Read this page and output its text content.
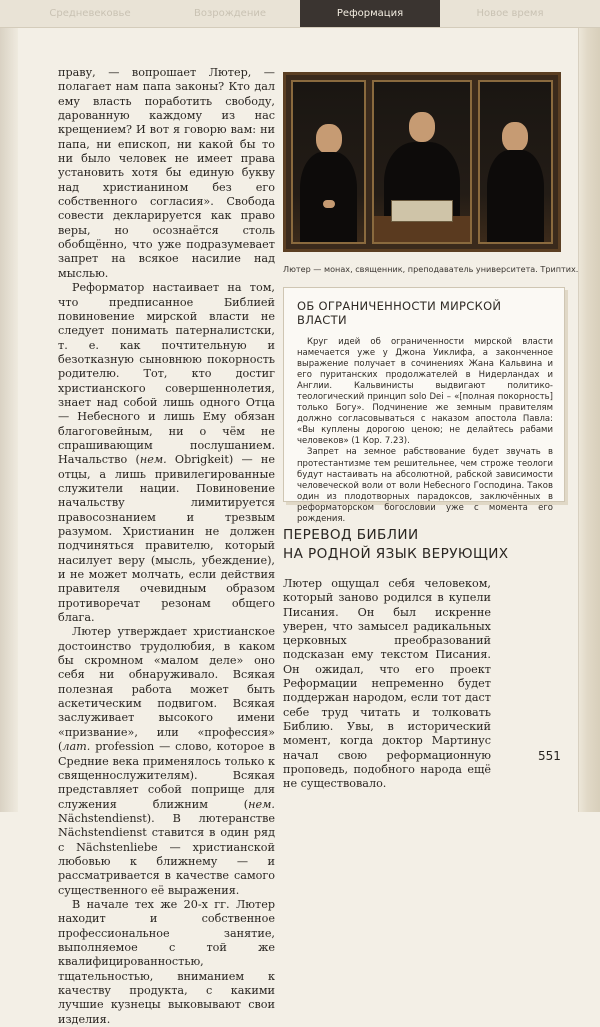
Средневековье	Возрождение	Реформация	Новое время

праву, — вопрошает Лютер, — полагает нам папа законы? Кто дал ему власть поработить свободу, дарованную каждому из нас крещением? И вот я говорю вам: ни папа, ни епископ, ни какой бы то ни было человек не имеет права установить хотя бы единую букву над христианином без его собственного согласия». Свобода совести декларируется как право веры, но осознаётся столь обобщённо, что уже подразумевает запрет на всякое насилие над мыслью.

Реформатор настаивает на том, что предписанное Библией повиновение мирской власти не следует понимать патерналистски, т. е. как почтительную и безотказную сыновнюю покорность родителю. Тот, кто достиг христианского совершеннолетия, знает над собой лишь одного Отца — Небесного и лишь Ему обязан благоговейным, ни о чём не спрашивающим послушанием. Начальство (нем. Obrigkeit) — не отцы, а лишь привилегированные служители нации. Повиновение начальству лимитируется правосознанием и трезвым разумом. Христианин не должен подчиняться правителю, который насилует веру (мысль, убеждение), и не может молчать, если действия правителя очевидным образом противоречат резонам общего блага.

Лютер утверждает христианское достоинство трудолюбия, в каком бы скромном «малом деле» оно себя ни обнаруживало. Всякая полезная работа может быть аскетическим подвигом. Всякая заслуживает высокого имени «призвание», или «профессия» (лат. profession — слово, которое в Средние века применялось только к священнослужителям). Всякая представляет собой поприще для служения ближним (нем. Nächstendienst). В лютеранстве Nächstendienst ставится в один ряд с Nächstenliebe — христианской любовью к ближнему — и рассматривается в качестве самого существенного её выражения.

В начале тех же 20-х гг. Лютер находит и собственное профессиональное занятие, выполняемое с той же квалифицированностью, тщательностью, вниманием к качеству продукта, с какими лучшие кузнецы выковывают свои изделия.

Лютер — монах, священник, преподаватель университета. Триптих.
ОБ ОГРАНИЧЕННОСТИ МИРСКОЙ ВЛАСТИ

Круг идей об ограниченности мирской власти намечается уже у Джона Уиклифа, а законченное выражение получает в сочинениях Жана Кальвина и его пуританских продолжателей в Нидерландах и Англии. Кальвинисты выдвигают политико-теологический принцип solo Dei – «[полная покорность] только Богу». Подчинение же земным правителям должно согласовываться с наказом апостола Павла: «Вы куплены дорогою ценою; не делайтесь рабами человеков» (1 Кор. 7.23).

Запрет на земное рабствование будет звучать в протестантизме тем решительнее, чем строже теологи будут настаивать на абсолютной, рабской зависимости человеческой воли от воли Небесного Господина. Таков один из плодотворных парадоксов, заключённых в реформаторском богословии уже с момента его рождения.

ПЕРЕВОД БИБЛИИ
НА РОДНОЙ ЯЗЫК ВЕРУЮЩИХ

Лютер ощущал себя человеком, который заново родился в купели Писания. Он был искренне уверен, что замысел радикальных церковных преобразований подсказан ему текстом Писания. Он ожидал, что его проект Реформации непременно будет поддержан народом, если тот даст себе труд читать и толковать Библию. Увы, в исторический момент, когда доктор Мартинус начал свою реформационную проповедь, подобного народа ещё не существовало.

551
